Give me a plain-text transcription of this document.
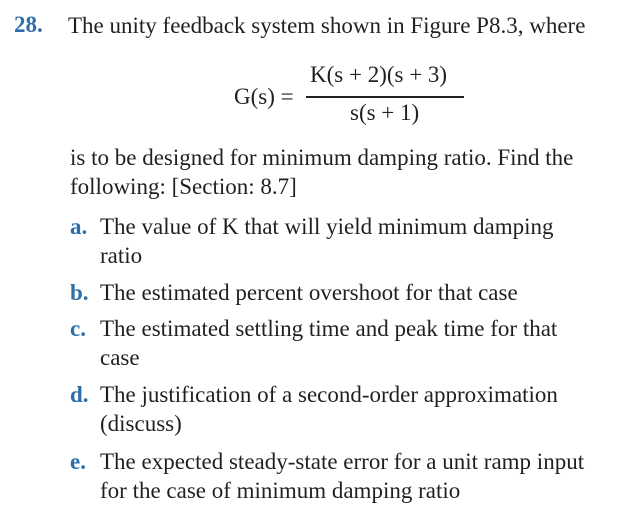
28. The unity feedback system shown in Figure P8.3, where
G(s) =
K(s + 2)(s + 3)
s(s + 1)
is to be designed for minimum damping ratio. Find the
following: [Section: 8.7]
a. The value of K that will yield minimum damping
ratio
b. The estimated percent overshoot for that case
c. The estimated settling time and peak time for that
case
d. The justification of a second-order approximation
(discuss)
e. The expected steady-state error for a unit ramp input
for the case of minimum damping ratio
